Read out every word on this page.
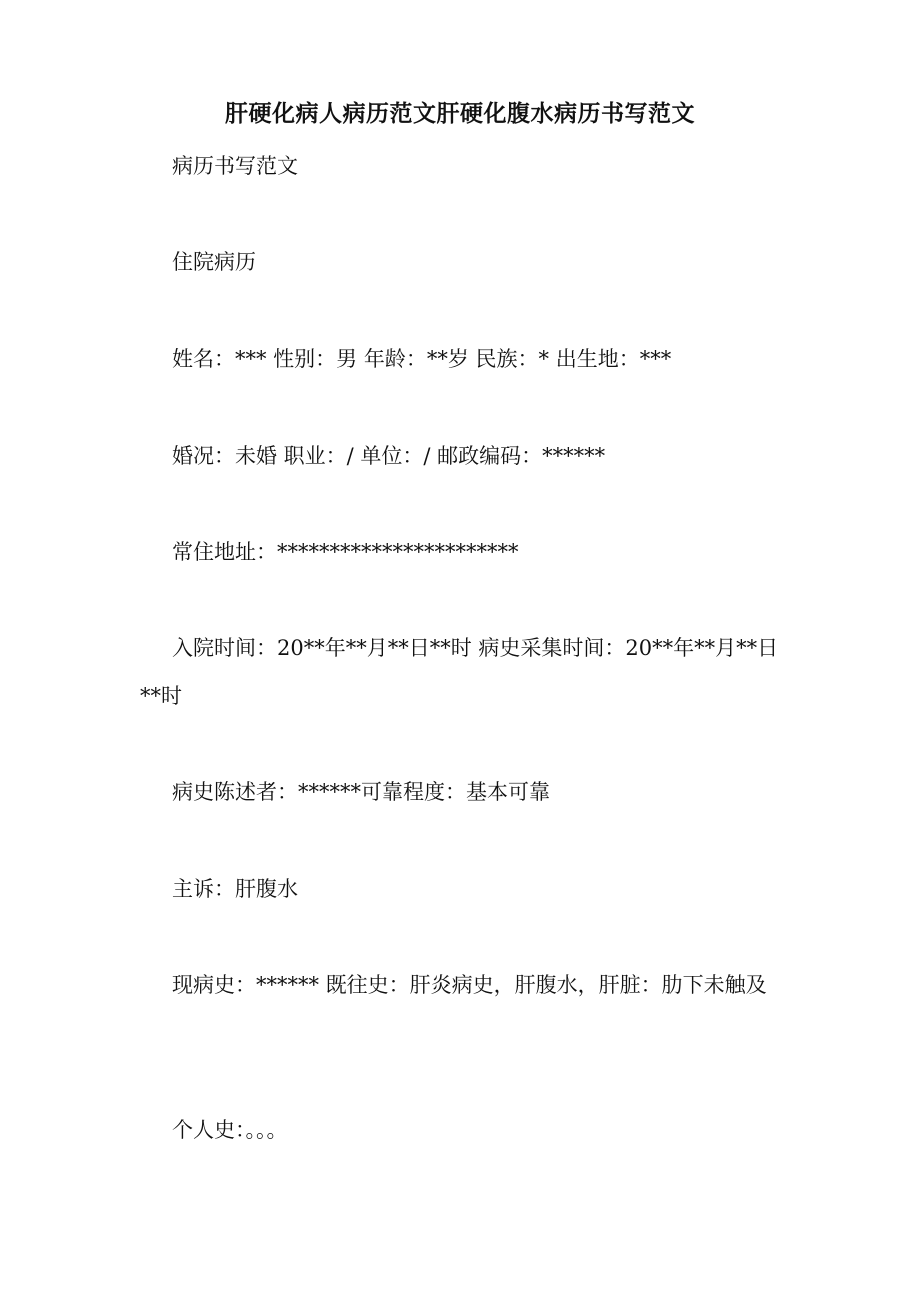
肝硬化病人病历范文肝硬化腹水病历书写范文
病历书写范文
住院病历
姓名：*** 性别：男 年龄：**岁 民族：* 出生地：***
婚况：未婚 职业：/ 单位：/ 邮政编码：******
常住地址：***********************
入院时间：20**年**月**日**时 病史采集时间：20**年**月**日**时
病史陈述者：******可靠程度：基本可靠
主诉：肝腹水
现病史：****** 既往史：肝炎病史，肝腹水，肝脏：肋下未触及
个人史：。。。
